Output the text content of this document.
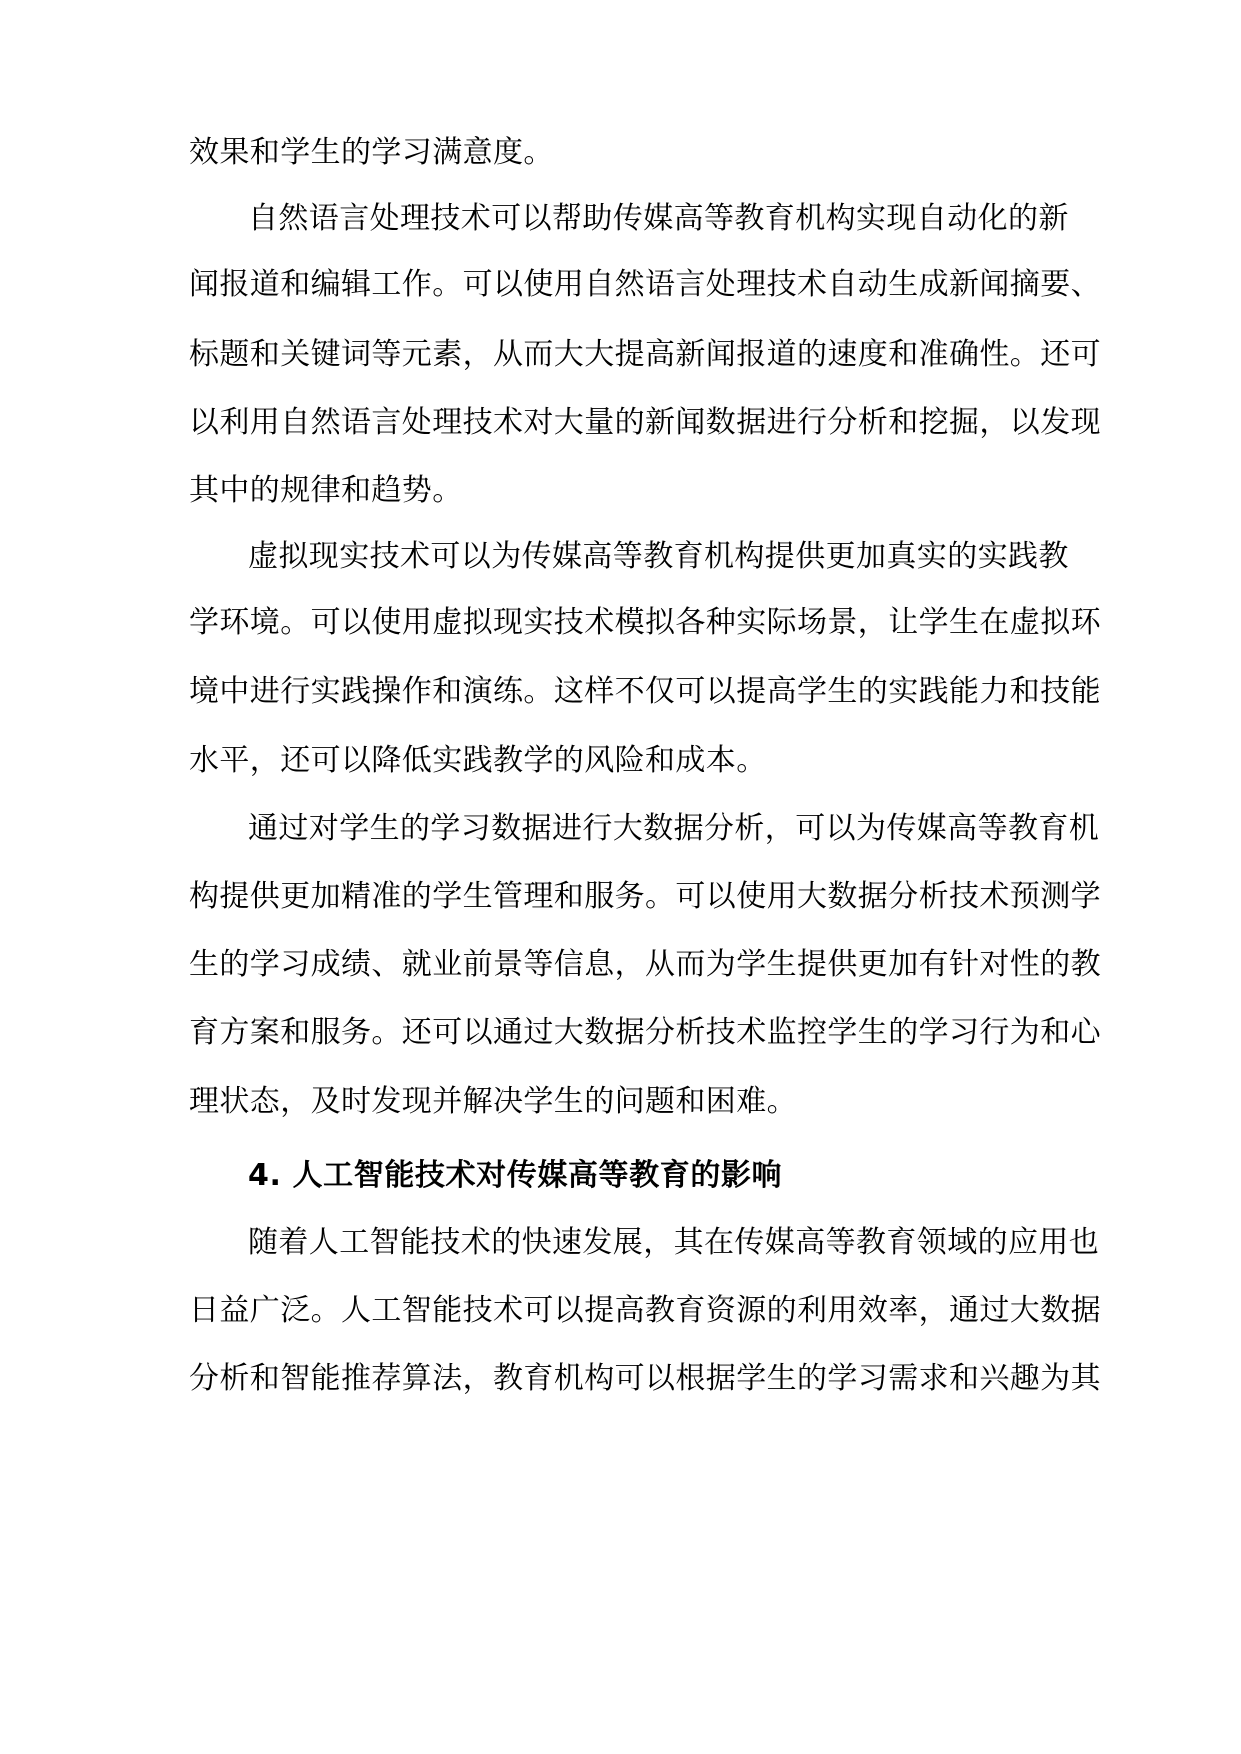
效果和学生的学习满意度。
自然语言处理技术可以帮助传媒高等教育机构实现自动化的新
闻报道和编辑工作。可以使用自然语言处理技术自动生成新闻摘要、
标题和关键词等元素，从而大大提高新闻报道的速度和准确性。还可
以利用自然语言处理技术对大量的新闻数据进行分析和挖掘，以发现
其中的规律和趋势。
虚拟现实技术可以为传媒高等教育机构提供更加真实的实践教
学环境。可以使用虚拟现实技术模拟各种实际场景，让学生在虚拟环
境中进行实践操作和演练。这样不仅可以提高学生的实践能力和技能
水平，还可以降低实践教学的风险和成本。
通过对学生的学习数据进行大数据分析，可以为传媒高等教育机
构提供更加精准的学生管理和服务。可以使用大数据分析技术预测学
生的学习成绩、就业前景等信息，从而为学生提供更加有针对性的教
育方案和服务。还可以通过大数据分析技术监控学生的学习行为和心
理状态，及时发现并解决学生的问题和困难。
4. 人工智能技术对传媒高等教育的影响
随着人工智能技术的快速发展，其在传媒高等教育领域的应用也
日益广泛。人工智能技术可以提高教育资源的利用效率，通过大数据
分析和智能推荐算法，教育机构可以根据学生的学习需求和兴趣为其
